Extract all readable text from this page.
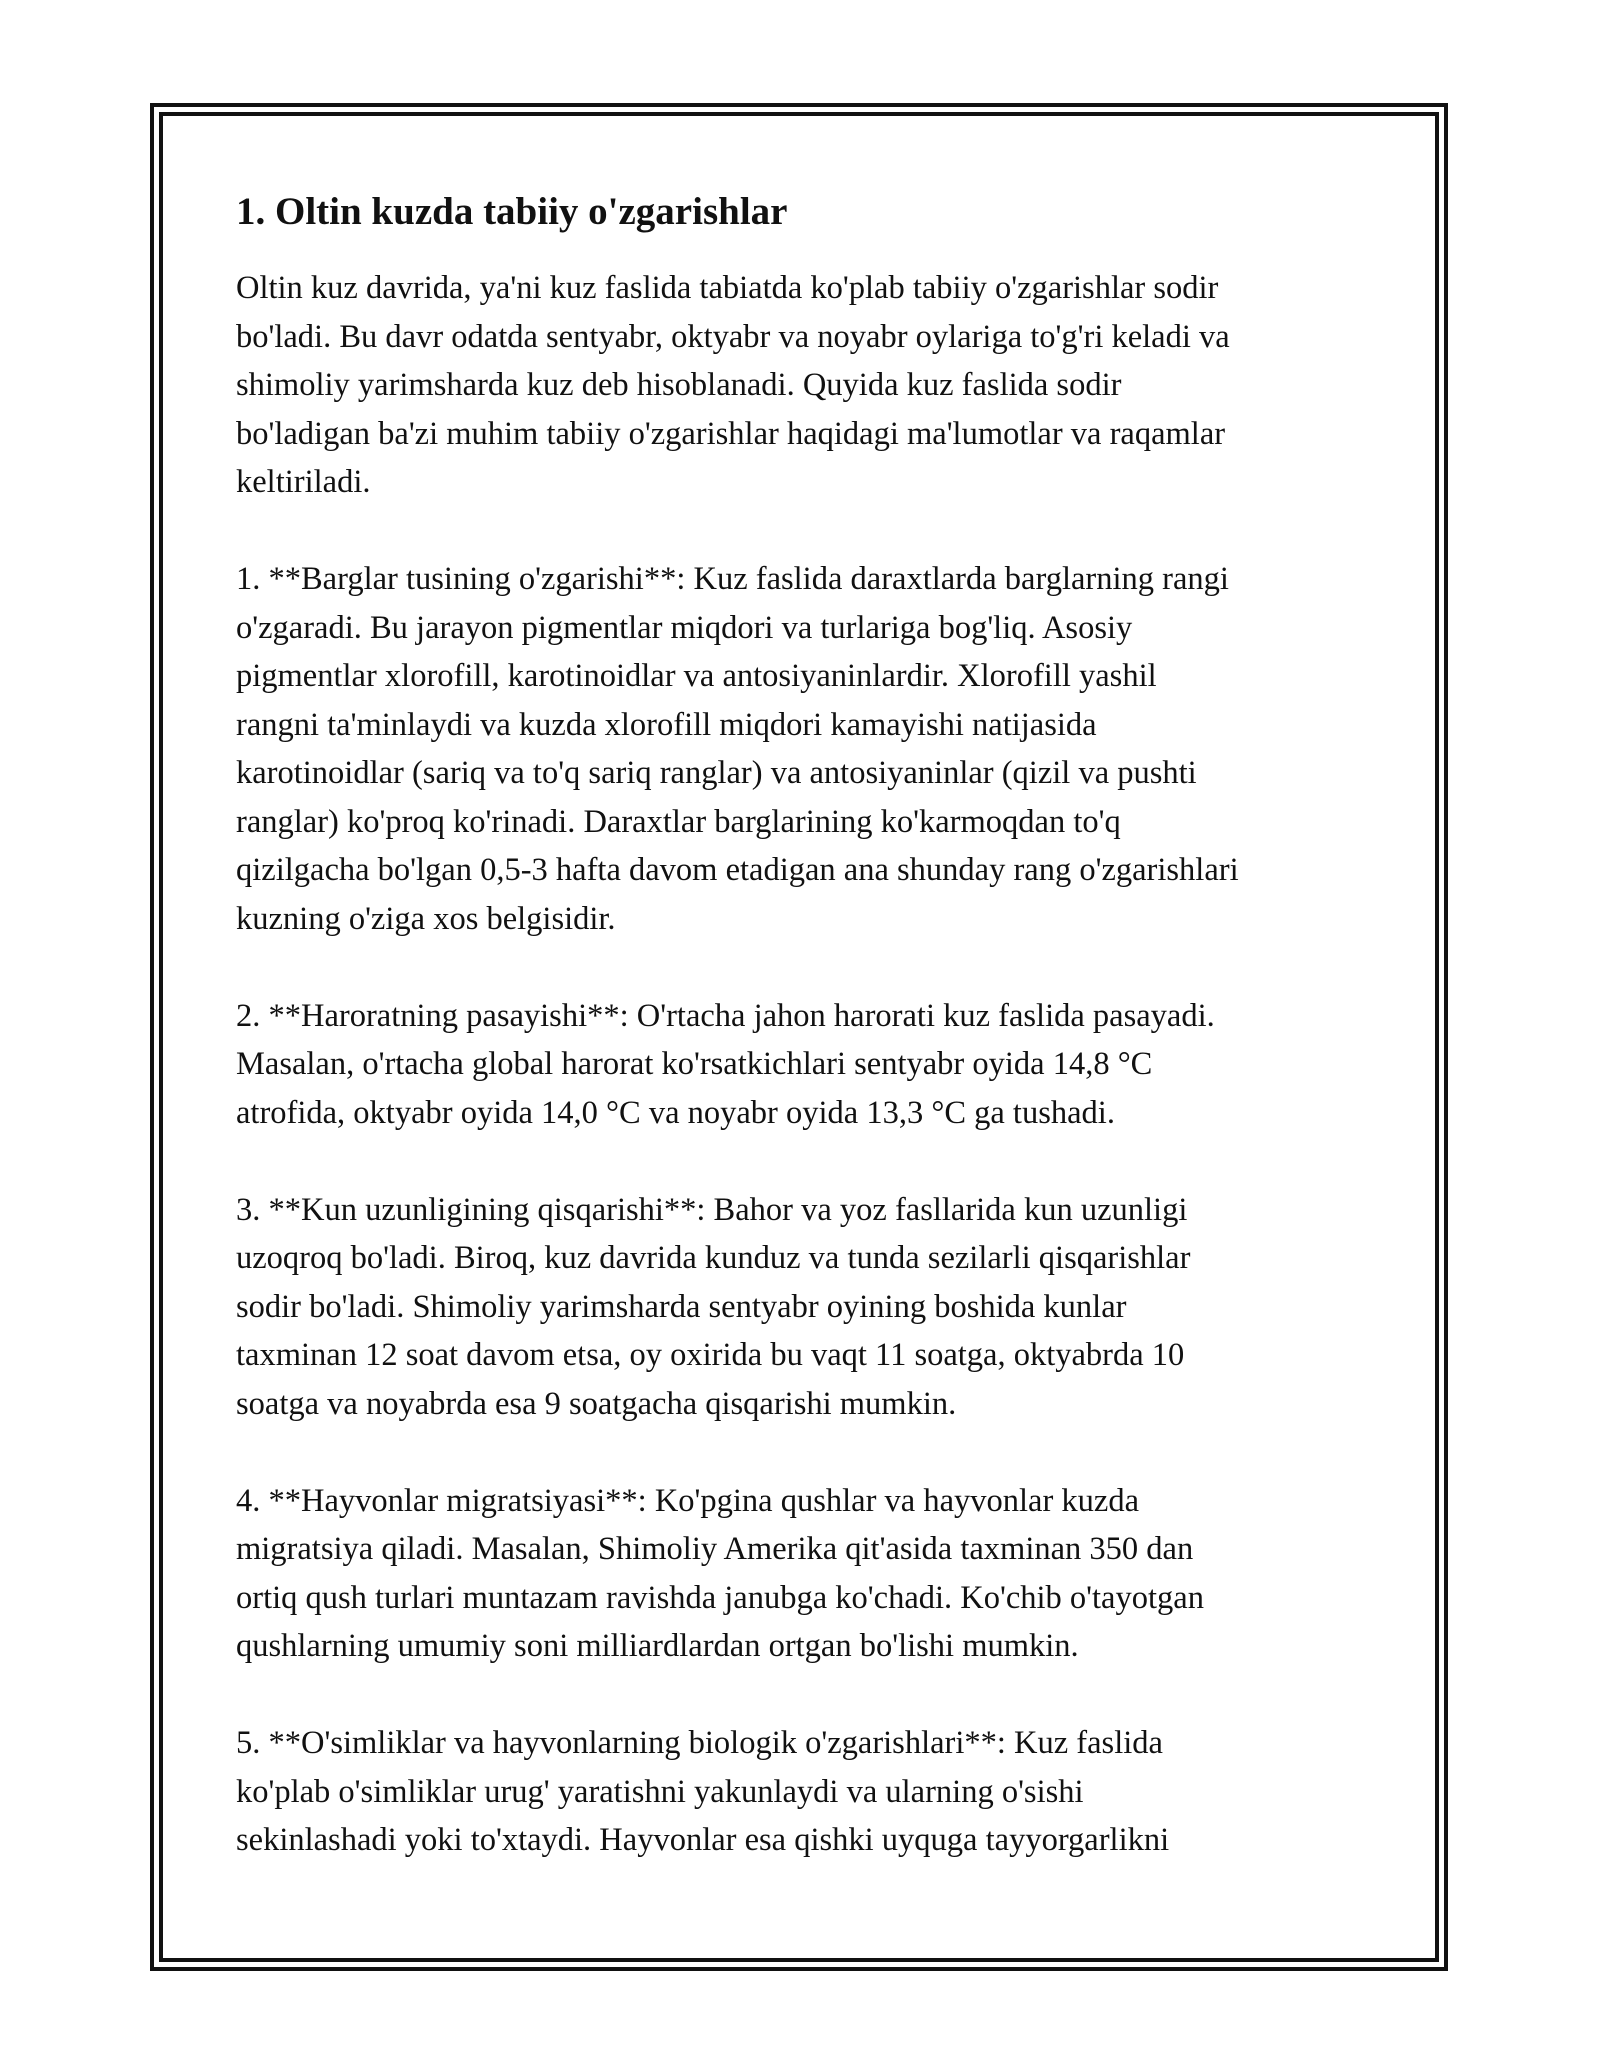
1. Oltin kuzda tabiiy o'zgarishlar

Oltin kuz davrida, ya'ni kuz faslida tabiatda ko'plab tabiiy o'zgarishlar sodir
bo'ladi. Bu davr odatda sentyabr, oktyabr va noyabr oylariga to'g'ri keladi va
shimoliy yarimsharda kuz deb hisoblanadi. Quyida kuz faslida sodir
bo'ladigan ba'zi muhim tabiiy o'zgarishlar haqidagi ma'lumotlar va raqamlar
keltiriladi.

1. **Barglar tusining o'zgarishi**: Kuz faslida daraxtlarda barglarning rangi
o'zgaradi. Bu jarayon pigmentlar miqdori va turlariga bog'liq. Asosiy
pigmentlar xlorofill, karotinoidlar va antosiyaninlardir. Xlorofill yashil
rangni ta'minlaydi va kuzda xlorofill miqdori kamayishi natijasida
karotinoidlar (sariq va to'q sariq ranglar) va antosiyaninlar (qizil va pushti
ranglar) ko'proq ko'rinadi. Daraxtlar barglarining ko'karmoqdan to'q
qizilgacha bo'lgan 0,5-3 hafta davom etadigan ana shunday rang o'zgarishlari
kuzning o'ziga xos belgisidir.

2. **Haroratning pasayishi**: O'rtacha jahon harorati kuz faslida pasayadi.
Masalan, o'rtacha global harorat ko'rsatkichlari sentyabr oyida 14,8 °C
atrofida, oktyabr oyida 14,0 °C va noyabr oyida 13,3 °C ga tushadi.

3. **Kun uzunligining qisqarishi**: Bahor va yoz fasllarida kun uzunligi
uzoqroq bo'ladi. Biroq, kuz davrida kunduz va tunda sezilarli qisqarishlar
sodir bo'ladi. Shimoliy yarimsharda sentyabr oyining boshida kunlar
taxminan 12 soat davom etsa, oy oxirida bu vaqt 11 soatga, oktyabrda 10
soatga va noyabrda esa 9 soatgacha qisqarishi mumkin.

4. **Hayvonlar migratsiyasi**: Ko'pgina qushlar va hayvonlar kuzda
migratsiya qiladi. Masalan, Shimoliy Amerika qit'asida taxminan 350 dan
ortiq qush turlari muntazam ravishda janubga ko'chadi. Ko'chib o'tayotgan
qushlarning umumiy soni milliardlardan ortgan bo'lishi mumkin.

5. **O'simliklar va hayvonlarning biologik o'zgarishlari**: Kuz faslida
ko'plab o'simliklar urug' yaratishni yakunlaydi va ularning o'sishi
sekinlashadi yoki to'xtaydi. Hayvonlar esa qishki uyquga tayyorgarlikni
